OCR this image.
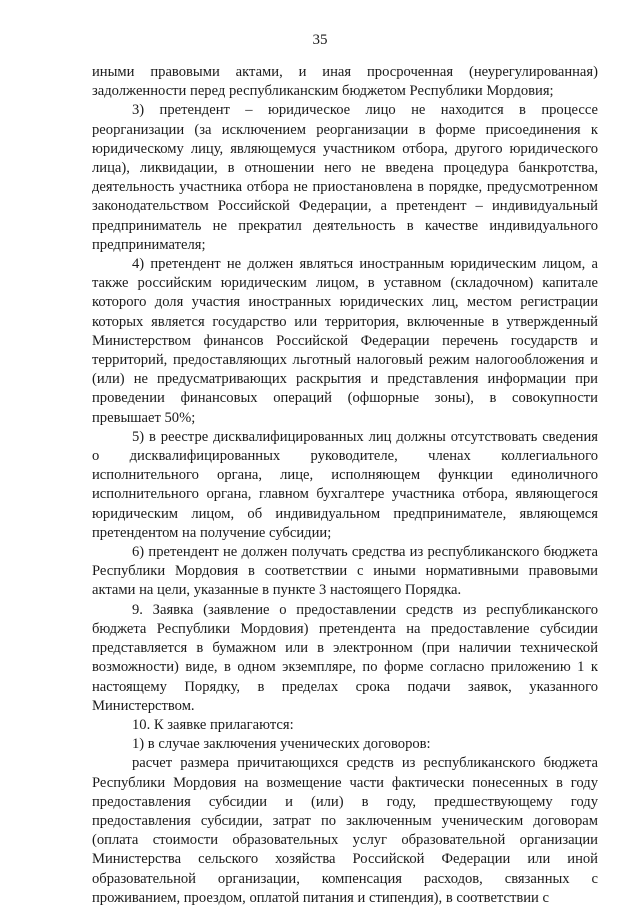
35

иными правовыми актами, и иная просроченная (неурегулированная) задолженности перед республиканским бюджетом Республики Мордовия;

3) претендент – юридическое лицо не находится в процессе реорганизации (за исключением реорганизации в форме присоединения к юридическому лицу, являющемуся участником отбора, другого юридического лица), ликвидации, в отношении него не введена процедура банкротства, деятельность участника отбора не приостановлена в порядке, предусмотренном законодательством Российской Федерации, а претендент – индивидуальный предприниматель не прекратил деятельность в качестве индивидуального предпринимателя;

4) претендент не должен являться иностранным юридическим лицом, а также российским юридическим лицом, в уставном (складочном) капитале которого доля участия иностранных юридических лиц, местом регистрации которых является государство или территория, включенные в утвержденный Министерством финансов Российской Федерации перечень государств и территорий, предоставляющих льготный налоговый режим налогообложения и (или) не предусматривающих раскрытия и представления информации при проведении финансовых операций (офшорные зоны), в совокупности превышает 50%;

5) в реестре дисквалифицированных лиц должны отсутствовать сведения о дисквалифицированных руководителе, членах коллегиального исполнительного органа, лице, исполняющем функции единоличного исполнительного органа, главном бухгалтере участника отбора, являющегося юридическим лицом, об индивидуальном предпринимателе, являющемся претендентом на получение субсидии;

6) претендент не должен получать средства из республиканского бюджета Республики Мордовия в соответствии с иными нормативными правовыми актами на цели, указанные в пункте 3 настоящего Порядка.

9. Заявка (заявление о предоставлении средств из республиканского бюджета Республики Мордовия) претендента на предоставление субсидии представляется в бумажном или в электронном (при наличии технической возможности) виде, в одном экземпляре, по форме согласно приложению 1 к настоящему Порядку, в пределах срока подачи заявок, указанного Министерством.

10. К заявке прилагаются:

1) в случае заключения ученических договоров:

расчет размера причитающихся средств из республиканского бюджета Республики Мордовия на возмещение части фактически понесенных в году предоставления субсидии и (или) в году, предшествующему году предоставления субсидии, затрат по заключенным ученическим договорам (оплата стоимости образовательных услуг образовательной организации Министерства сельского хозяйства Российской Федерации или иной образовательной организации, компенсация расходов, связанных с проживанием, проездом, оплатой питания и стипендия), в соответствии с
